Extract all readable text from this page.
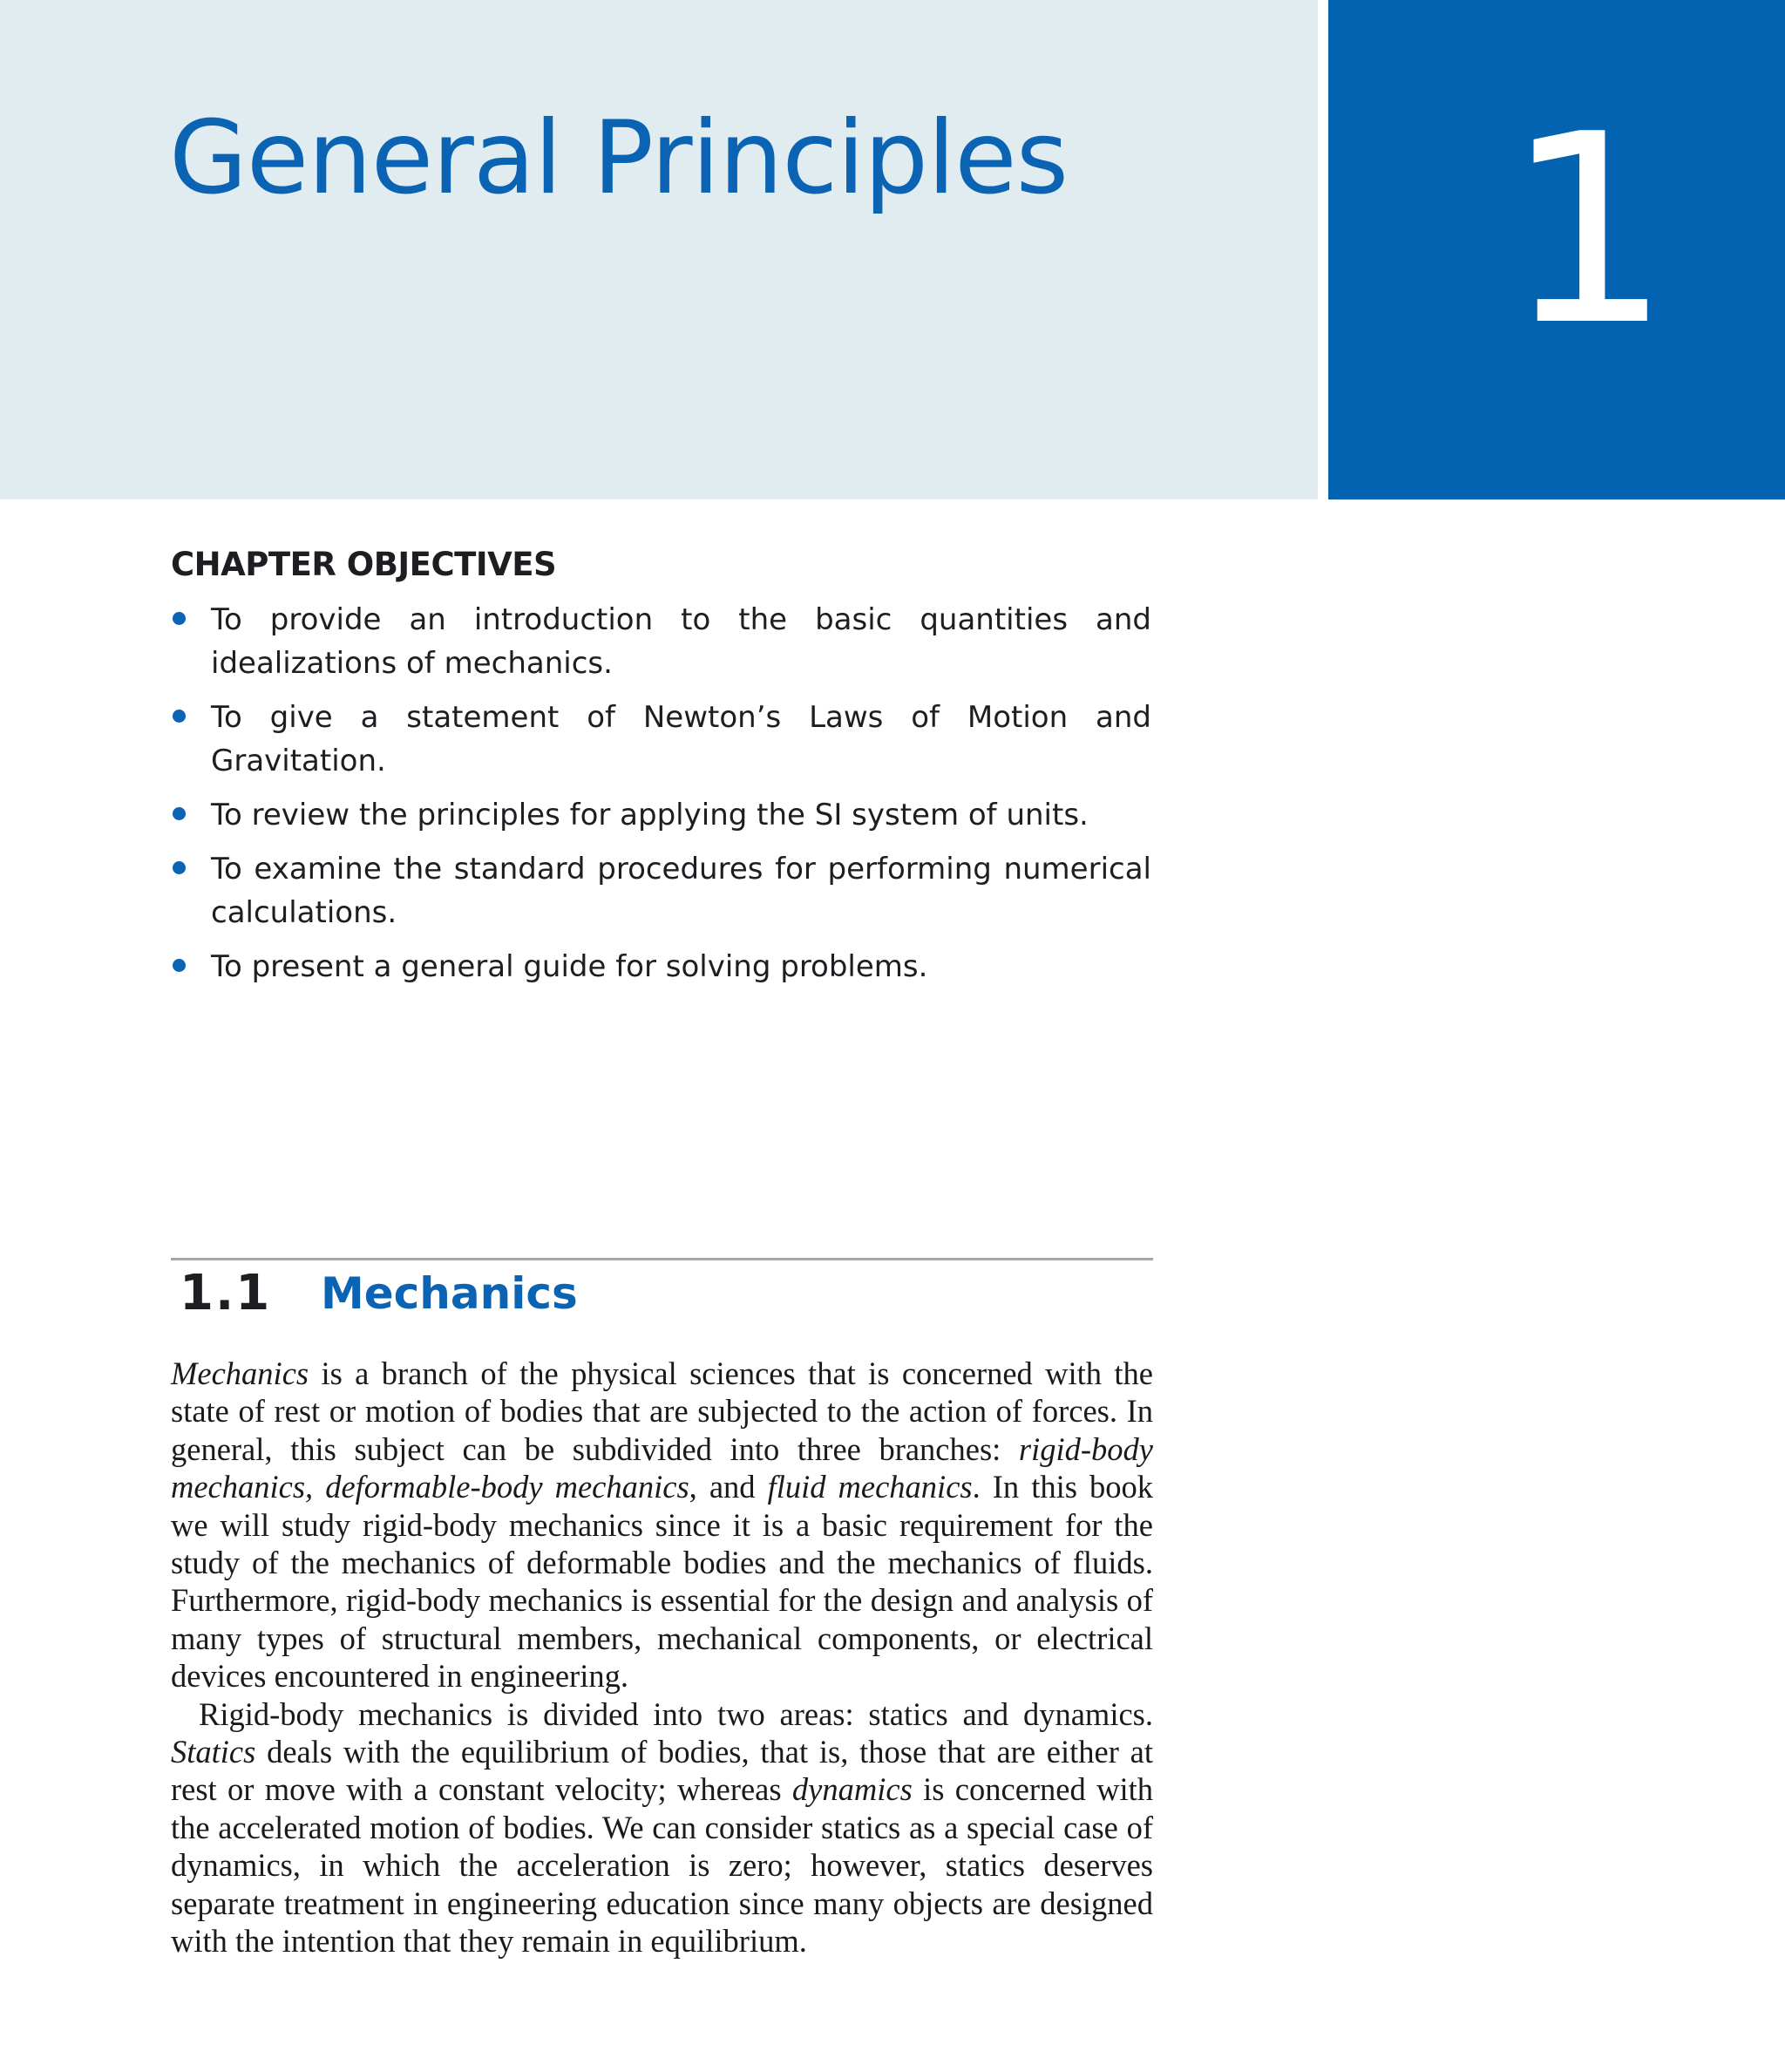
General Principles	1
CHAPTER OBJECTIVES
To provide an introduction to the basic quantities and idealizations of mechanics.
To give a statement of Newton’s Laws of Motion and Gravitation.
To review the principles for applying the SI system of units.
To examine the standard procedures for performing numerical calculations.
To present a general guide for solving problems.
1.1 Mechanics

Mechanics is a branch of the physical sciences that is concerned with the state of rest or motion of bodies that are subjected to the action of forces. In general, this subject can be subdivided into three branches: rigid-body mechanics, deformable-body mechanics, and fluid mechanics. In this book we will study rigid-body mechanics since it is a basic requirement for the study of the mechanics of deformable bodies and the mechanics of fluids. Furthermore, rigid-body mechanics is essential for the design and analysis of many types of structural members, mechanical components, or electrical devices encountered in engineering.

Rigid-body mechanics is divided into two areas: statics and dynamics. Statics deals with the equilibrium of bodies, that is, those that are either at rest or move with a constant velocity; whereas dynamics is concerned with the accelerated motion of bodies. We can consider statics as a special case of dynamics, in which the acceleration is zero; however, statics deserves separate treatment in engineering education since many objects are designed with the intention that they remain in equilibrium.
